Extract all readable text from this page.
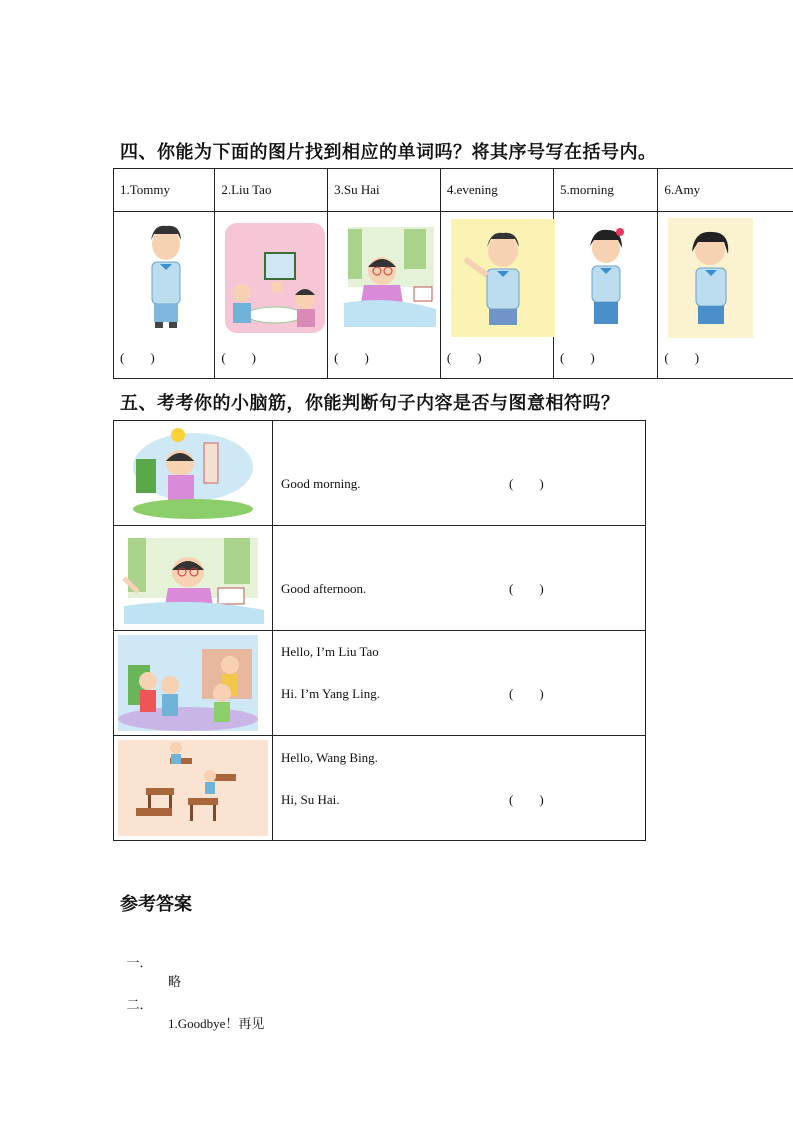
四、你能为下面的图片找到相应的单词吗？将其序号写在括号内。
1.Tommy	2.Liu Tao	3.Su Hai	4.evening	5.morning	6.Amy

(        )	(        )	(        )	(        )	(        )	(        )
五、考考你的小脑筋，你能判断句子内容是否与图意相符吗？

Good morning. (        )

Good afternoon. (        )

Hello, I’m Liu Tao
Hi. I’m Yang Ling. (        )

Hello, Wang Bing.
Hi, Su Hai. (        )
参考答案

一．

略

二．

1.Goodbye！再见
